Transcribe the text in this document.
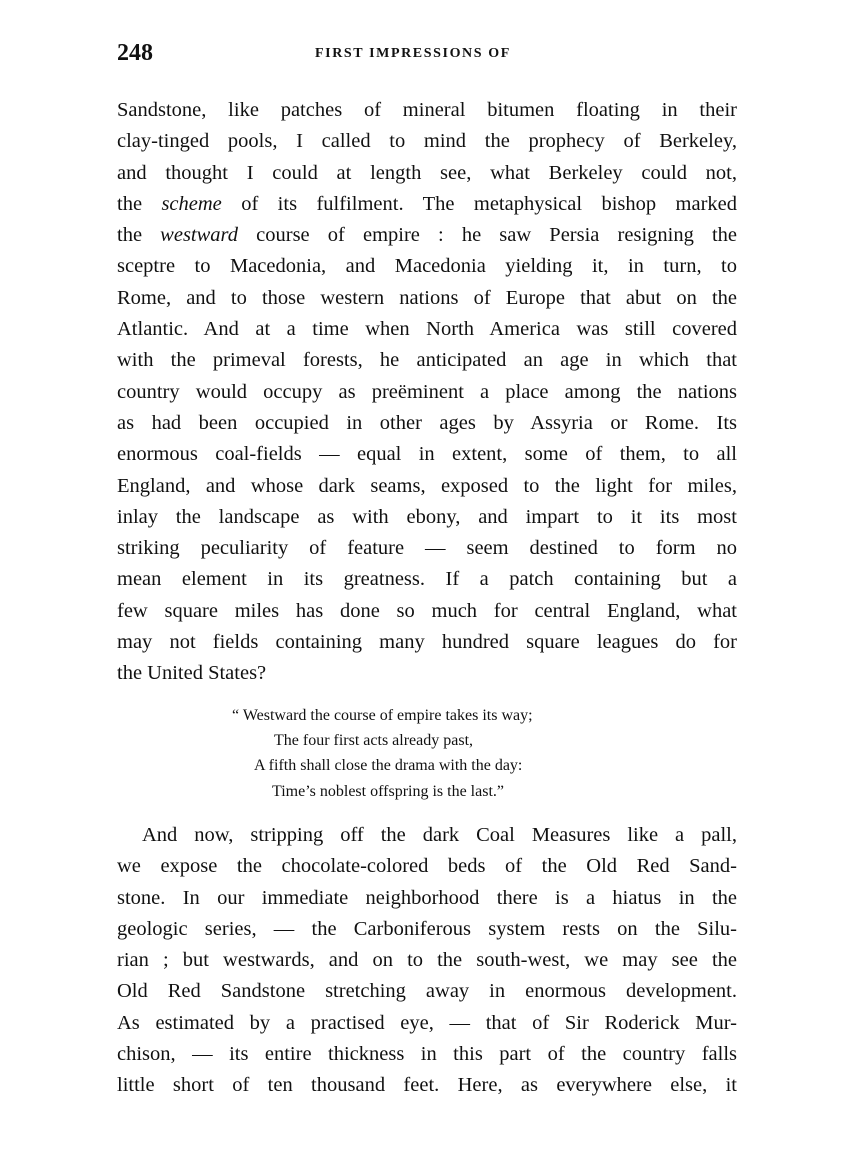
248	FIRST IMPRESSIONS OF
Sandstone, like patches of mineral bitumen floating in their
clay-tinged pools, I called to mind the prophecy of Berkeley,
and thought I could at length see, what Berkeley could not,
the scheme of its fulfilment. The metaphysical bishop marked
the westward course of empire : he saw Persia resigning the
sceptre to Macedonia, and Macedonia yielding it, in turn, to
Rome, and to those western nations of Europe that abut on the
Atlantic. And at a time when North America was still covered
with the primeval forests, he anticipated an age in which that
country would occupy as preëminent a place among the nations
as had been occupied in other ages by Assyria or Rome. Its
enormous coal-fields — equal in extent, some of them, to all
England, and whose dark seams, exposed to the light for miles,
inlay the landscape as with ebony, and impart to it its most
striking peculiarity of feature — seem destined to form no
mean element in its greatness. If a patch containing but a
few square miles has done so much for central England, what
may not fields containing many hundred square leagues do for
the United States?
“ Westward the course of empire takes its way;
The four first acts already past,
A fifth shall close the drama with the day:
Time’s noblest offspring is the last.”
And now, stripping off the dark Coal Measures like a pall,
we expose the chocolate-colored beds of the Old Red Sand-
stone. In our immediate neighborhood there is a hiatus in the
geologic series, — the Carboniferous system rests on the Silu-
rian ; but westwards, and on to the south-west, we may see the
Old Red Sandstone stretching away in enormous development.
As estimated by a practised eye, — that of Sir Roderick Mur-
chison, — its entire thickness in this part of the country falls
little short of ten thousand feet. Here, as everywhere else, it
